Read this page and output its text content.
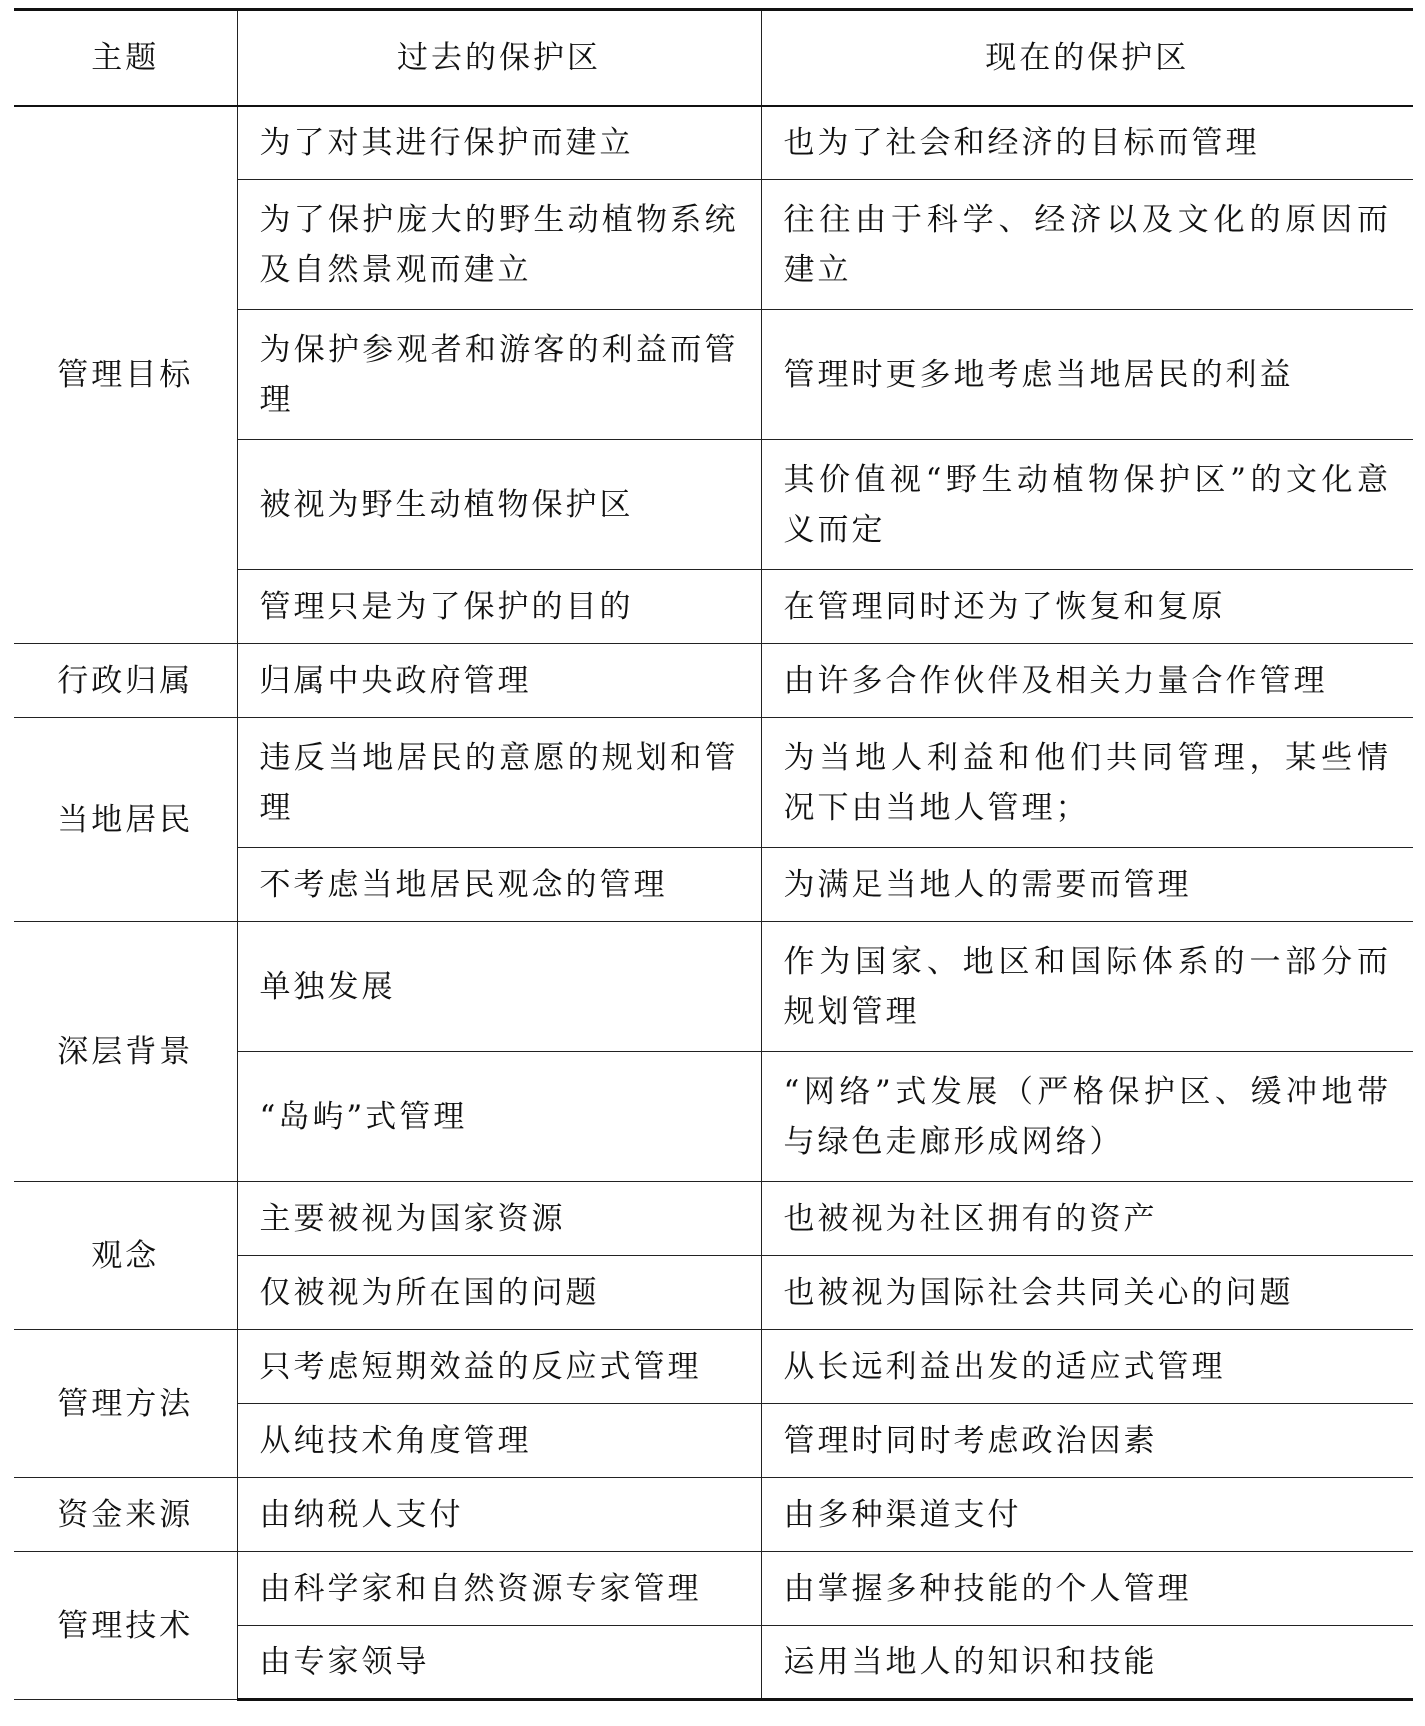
主题	过去的保护区	现在的保护区
管理目标	为了对其进行保护而建立	也为了社会和经济的目标而管理
	为了保护庞大的野生动植物系统及自然景观而建立	往往由于科学、经济以及文化的原因而建立
	为保护参观者和游客的利益而管理	管理时更多地考虑当地居民的利益
	被视为野生动植物保护区	其价值视“野生动植物保护区”的文化意义而定
	管理只是为了保护的目的	在管理同时还为了恢复和复原
行政归属	归属中央政府管理	由许多合作伙伴及相关力量合作管理
当地居民	违反当地居民的意愿的规划和管理	为当地人利益和他们共同管理，某些情况下由当地人管理；
	不考虑当地居民观念的管理	为满足当地人的需要而管理
深层背景	单独发展	作为国家、地区和国际体系的一部分而规划管理
	“岛屿”式管理	“网络”式发展（严格保护区、缓冲地带与绿色走廊形成网络）
观念	主要被视为国家资源	也被视为社区拥有的资产
	仅被视为所在国的问题	也被视为国际社会共同关心的问题
管理方法	只考虑短期效益的反应式管理	从长远利益出发的适应式管理
	从纯技术角度管理	管理时同时考虑政治因素
资金来源	由纳税人支付	由多种渠道支付
管理技术	由科学家和自然资源专家管理	由掌握多种技能的个人管理
	由专家领导	运用当地人的知识和技能
